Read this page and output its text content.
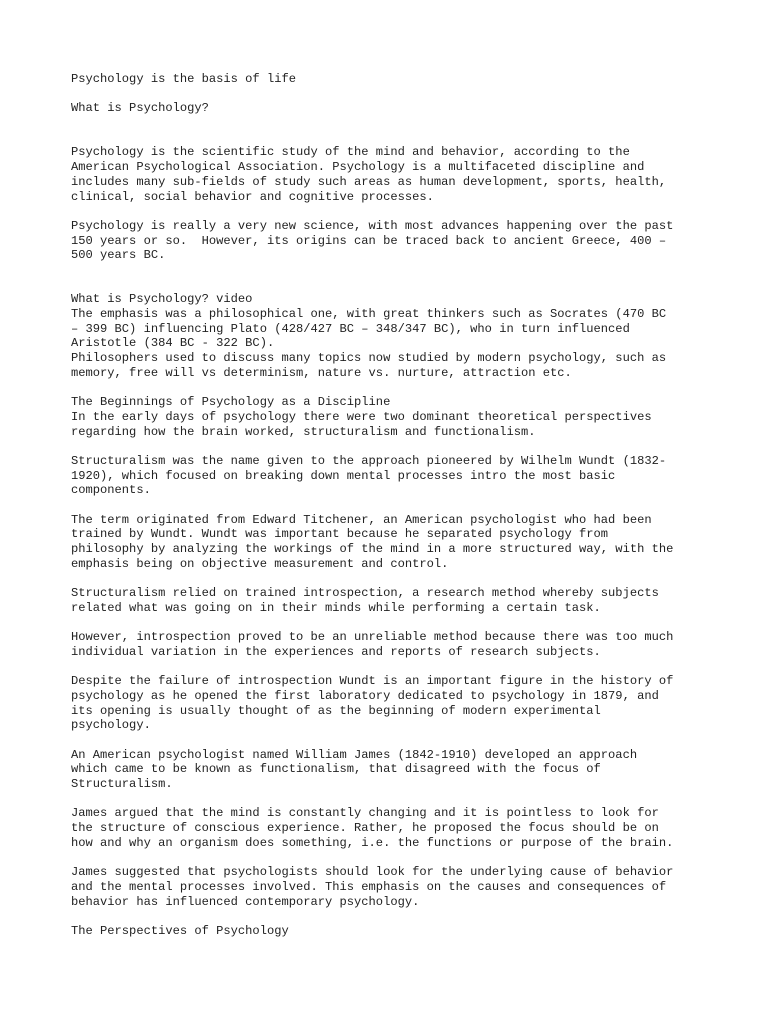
Psychology is the basis of life
What is Psychology?
Psychology is the scientific study of the mind and behavior, according to the
American Psychological Association. Psychology is a multifaceted discipline and
includes many sub-fields of study such areas as human development, sports, health,
clinical, social behavior and cognitive processes.
Psychology is really a very new science, with most advances happening over the past
150 years or so.  However, its origins can be traced back to ancient Greece, 400 –
500 years BC.
What is Psychology? video
The emphasis was a philosophical one, with great thinkers such as Socrates (470 BC
– 399 BC) influencing Plato (428/427 BC – 348/347 BC), who in turn influenced
Aristotle (384 BC - 322 BC).
Philosophers used to discuss many topics now studied by modern psychology, such as
memory, free will vs determinism, nature vs. nurture, attraction etc.
The Beginnings of Psychology as a Discipline
In the early days of psychology there were two dominant theoretical perspectives
regarding how the brain worked, structuralism and functionalism.
Structuralism was the name given to the approach pioneered by Wilhelm Wundt (1832-
1920), which focused on breaking down mental processes intro the most basic
components.
The term originated from Edward Titchener, an American psychologist who had been
trained by Wundt. Wundt was important because he separated psychology from
philosophy by analyzing the workings of the mind in a more structured way, with the
emphasis being on objective measurement and control.
Structuralism relied on trained introspection, a research method whereby subjects
related what was going on in their minds while performing a certain task.
However, introspection proved to be an unreliable method because there was too much
individual variation in the experiences and reports of research subjects.
Despite the failure of introspection Wundt is an important figure in the history of
psychology as he opened the first laboratory dedicated to psychology in 1879, and
its opening is usually thought of as the beginning of modern experimental
psychology.
An American psychologist named William James (1842-1910) developed an approach
which came to be known as functionalism, that disagreed with the focus of
Structuralism.
James argued that the mind is constantly changing and it is pointless to look for
the structure of conscious experience. Rather, he proposed the focus should be on
how and why an organism does something, i.e. the functions or purpose of the brain.
James suggested that psychologists should look for the underlying cause of behavior
and the mental processes involved. This emphasis on the causes and consequences of
behavior has influenced contemporary psychology.
The Perspectives of Psychology
